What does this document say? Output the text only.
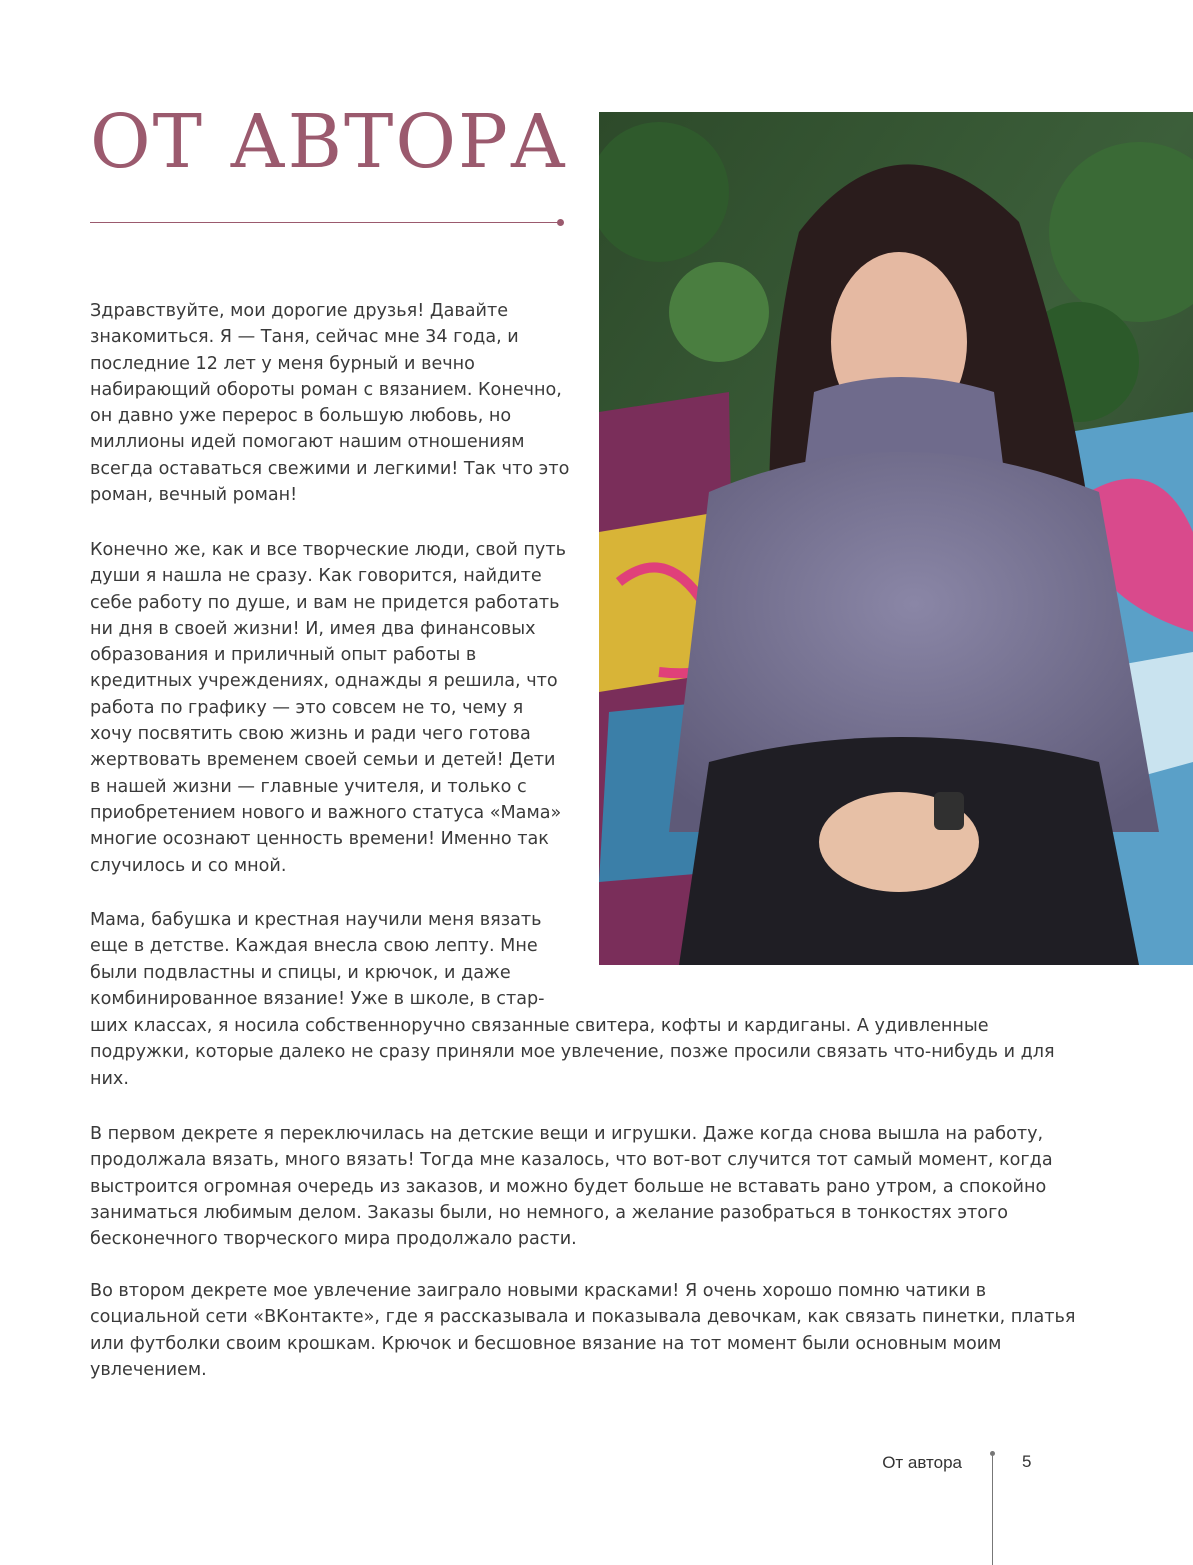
ОТ АВТОРА

Здравствуйте, мои дорогие друзья! Давайте знакомиться. Я — Таня, сейчас мне 34 года, и последние 12 лет у меня бурный и вечно набирающий обороты роман с вязанием. Конечно, он давно уже перерос в большую любовь, но миллионы идей помогают нашим отношениям всегда оставаться свежими и легкими! Так что это роман, вечный роман!

Конечно же, как и все творческие люди, свой путь души я нашла не сразу. Как говорится, найдите себе работу по душе, и вам не придется работать ни дня в своей жизни! И, имея два финансовых образования и приличный опыт работы в кредитных учреждениях, однажды я решила, что работа по графику — это совсем не то, чему я хочу посвятить свою жизнь и ради чего готова жертвовать временем своей семьи и детей! Дети в нашей жизни — главные учителя, и только с приобретением нового и важного статуса «Мама» многие осознают ценность времени! Именно так случилось и со мной.

Мама, бабушка и крестная научили меня вязать еще в детстве. Каждая внесла свою лепту. Мне были подвластны и спицы, и крючок, и даже комбинированное вязание! Уже в школе, в стар-

ших классах, я носила собственноручно связанные свитера, кофты и кардиганы. А удивленные подружки, которые далеко не сразу приняли мое увлечение, позже просили связать что-нибудь и для них.

В первом декрете я переключилась на детские вещи и игрушки. Даже когда снова вышла на работу, продолжала вязать, много вязать! Тогда мне казалось, что вот-вот случится тот самый момент, когда выстроится огромная очередь из заказов, и можно будет больше не вставать рано утром, а спокойно заниматься любимым делом. Заказы были, но немного, а желание разобраться в тонкостях этого бесконечного творческого мира продолжало расти.

Во втором декрете мое увлечение заиграло новыми красками! Я очень хорошо помню чатики в социальной сети «ВКонтакте», где я рассказывала и показывала девочкам, как связать пинетки, платья или футболки своим крошкам. Крючок и бесшовное вязание на тот момент были основным моим увлечением.

От автора	5
